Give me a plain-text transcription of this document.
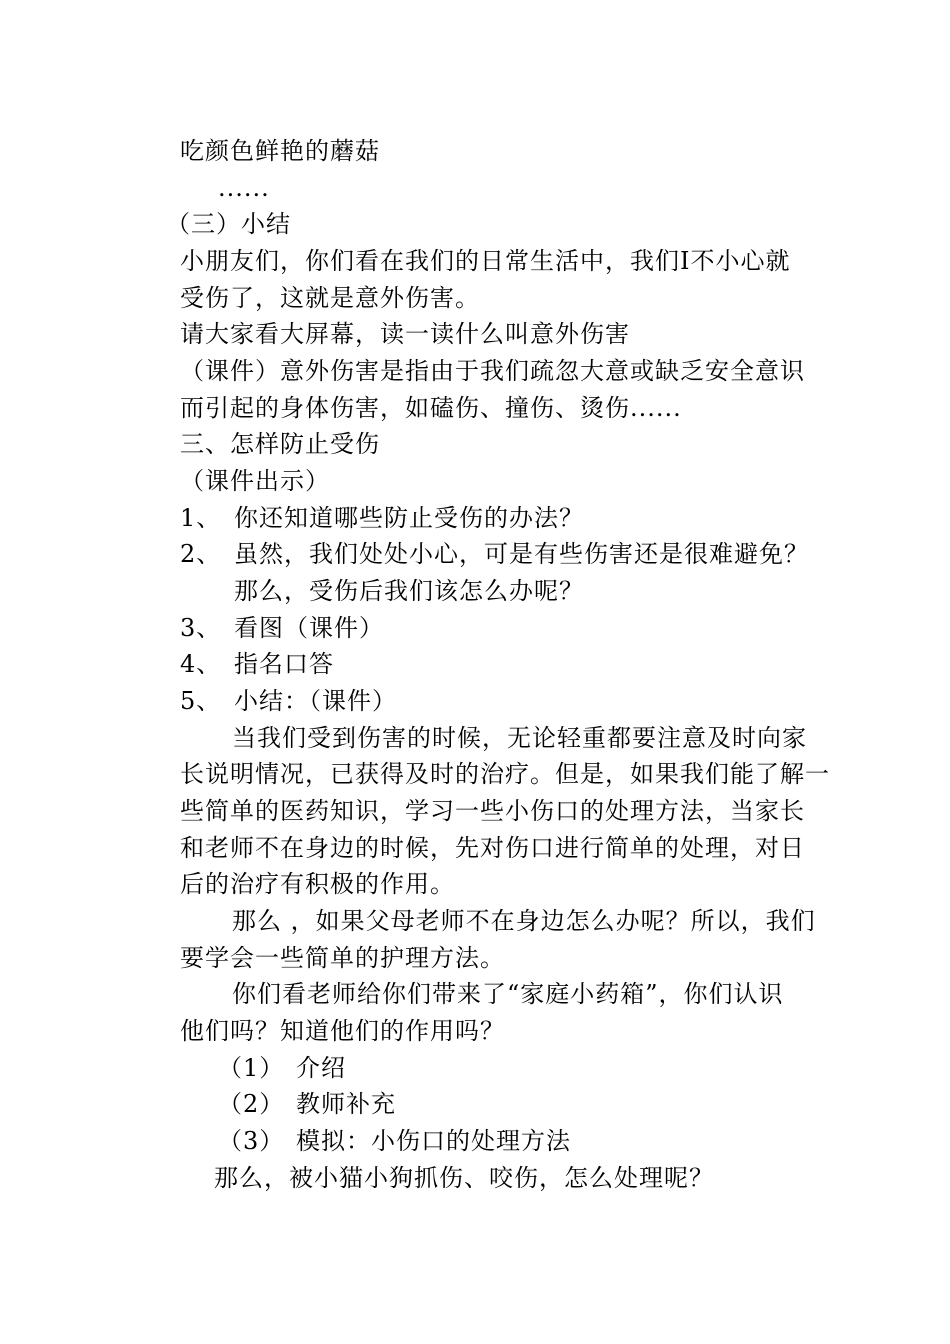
吃颜色鲜艳的蘑菇
......
（三）小结
小朋友们，你们看在我们的日常生活中，我们I不小心就
受伤了，这就是意外伤害。
请大家看大屏幕，读一读什么叫意外伤害
（课件）意外伤害是指由于我们疏忽大意或缺乏安全意识
而引起的身体伤害，如磕伤、撞伤、烫伤......
三、怎样防止受伤
（课件出示）
1、 你还知道哪些防止受伤的办法？
2、 虽然，我们处处小心，可是有些伤害还是很难避免？
那么，受伤后我们该怎么办呢？
3、 看图（课件）
4、 指名口答
5、 小结：（课件）
当我们受到伤害的时候，无论轻重都要注意及时向家
长说明情况，已获得及时的治疗。但是，如果我们能了解一
些简单的医药知识，学习一些小伤口的处理方法，当家长
和老师不在身边的时候，先对伤口进行简单的处理，对日
后的治疗有积极的作用。
那么 ，如果父母老师不在身边怎么办呢？所以，我们
要学会一些简单的护理方法。
你们看老师给你们带来了“家庭小药箱”，你们认识
他们吗？知道他们的作用吗？
（1） 介绍
（2） 教师补充
（3） 模拟：小伤口的处理方法
那么，被小猫小狗抓伤、咬伤，怎么处理呢？
